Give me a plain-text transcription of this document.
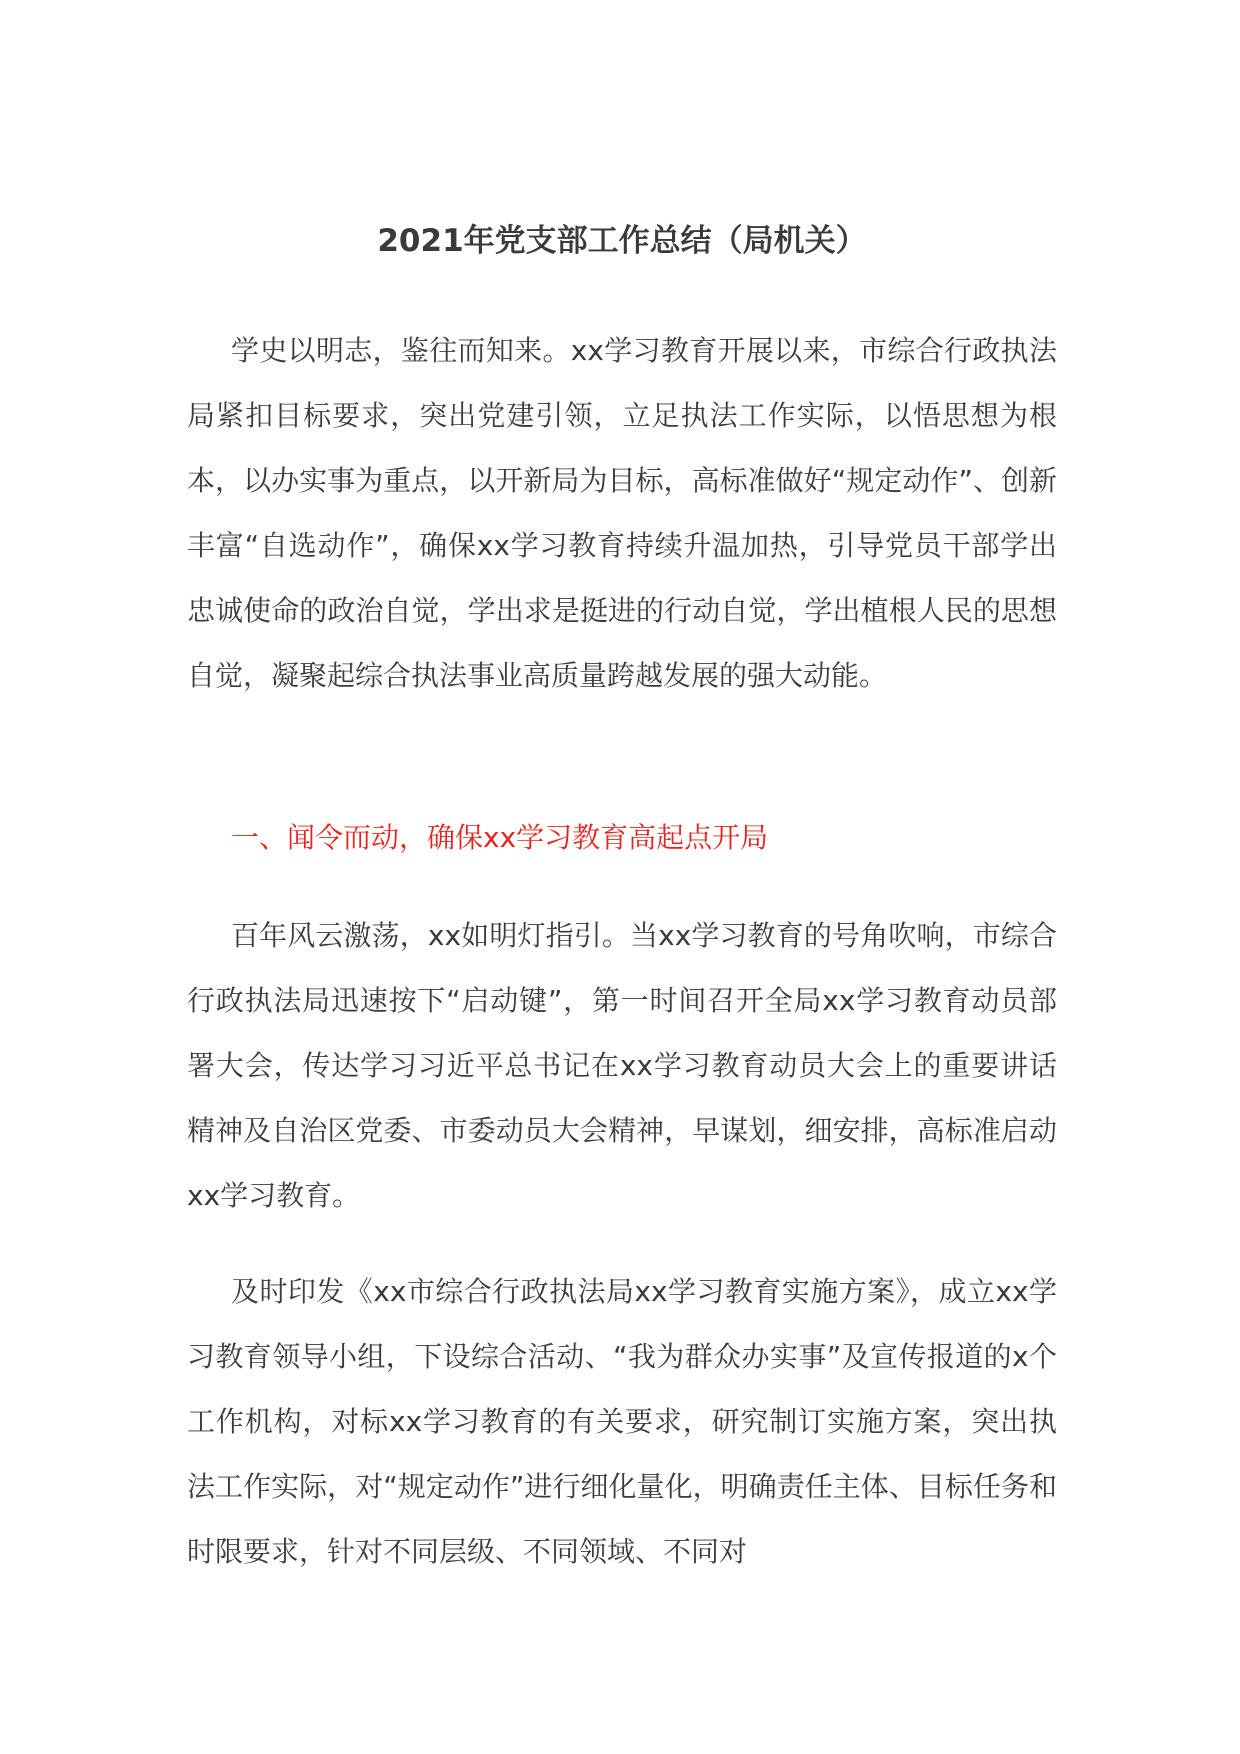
2021年党支部工作总结（局机关）

学史以明志，鉴往而知来。xx学习教育开展以来，市综合行政执法局紧扣目标要求，突出党建引领，立足执法工作实际，以悟思想为根本，以办实事为重点，以开新局为目标，高标准做好“规定动作”、创新丰富“自选动作”，确保xx学习教育持续升温加热，引导党员干部学出忠诚使命的政治自觉，学出求是挺进的行动自觉，学出植根人民的思想自觉，凝聚起综合执法事业高质量跨越发展的强大动能。

一、闻令而动，确保xx学习教育高起点开局

百年风云激荡，xx如明灯指引。当xx学习教育的号角吹响，市综合行政执法局迅速按下“启动键”，第一时间召开全局xx学习教育动员部署大会，传达学习习近平总书记在xx学习教育动员大会上的重要讲话精神及自治区党委、市委动员大会精神，早谋划，细安排，高标准启动xx学习教育。

及时印发《xx市综合行政执法局xx学习教育实施方案》，成立xx学习教育领导小组，下设综合活动、“我为群众办实事”及宣传报道的x个工作机构，对标xx学习教育的有关要求，研究制订实施方案，突出执法工作实际，对“规定动作”进行细化量化，明确责任主体、目标任务和时限要求，针对不同层级、不同领域、不同对
